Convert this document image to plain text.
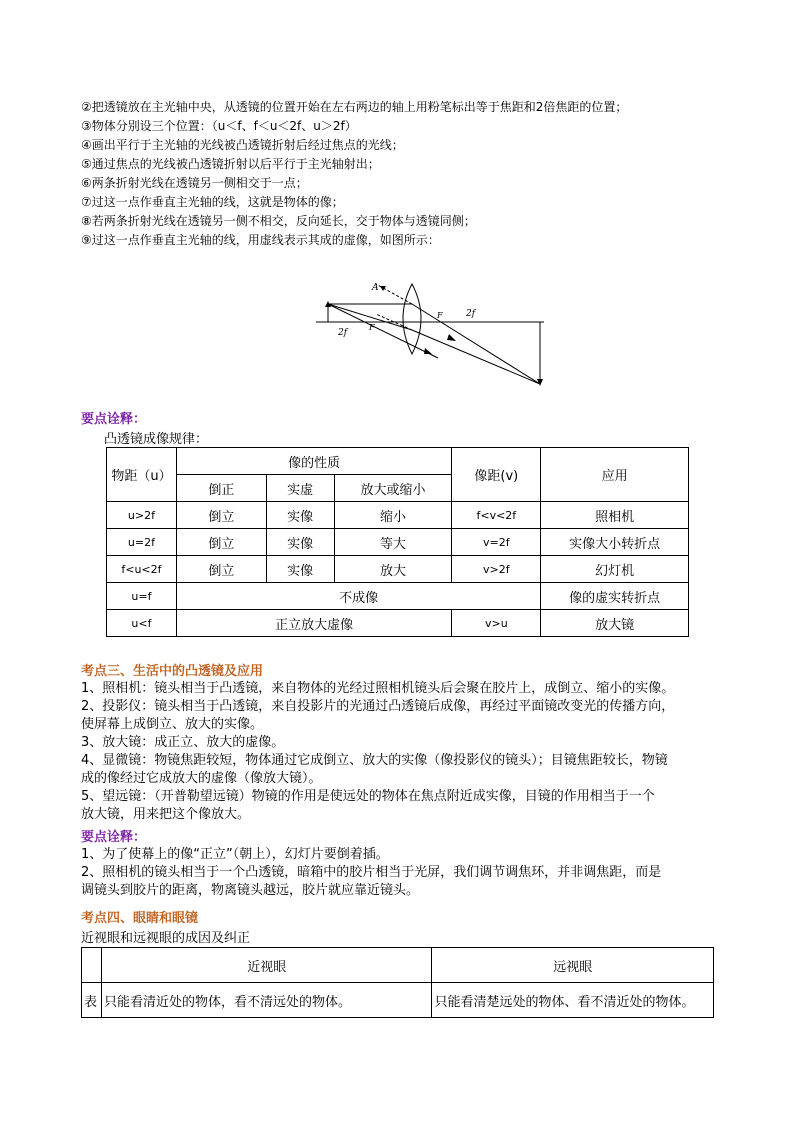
②把透镜放在主光轴中央，从透镜的位置开始在左右两边的轴上用粉笔标出等于焦距和2倍焦距的位置；
③物体分别设三个位置：（u＜f、f＜u＜2f、u＞2f）
④画出平行于主光轴的光线被凸透镜折射后经过焦点的光线；
⑤通过焦点的光线被凸透镜折射以后平行于主光轴射出；
⑥两条折射光线在透镜另一侧相交于一点；
⑦过这一点作垂直主光轴的线，这就是物体的像；
⑧若两条折射光线在透镜另一侧不相交，反向延长，交于物体与透镜同侧；
⑨过这一点作垂直主光轴的线，用虚线表示其成的虚像，如图所示：
A
2f
F
F	2f
要点诠释：
凸透镜成像规律：
物距（u）	像的性质			像距(v)	应用
	倒正	实虚	放大或缩小		
u>2f	倒立	实像	缩小	f<v<2f	照相机
u=2f	倒立	实像	等大	v=2f	实像大小转折点
f<u<2f	倒立	实像	放大	v>2f	幻灯机
u=f	不成像				像的虚实转折点
u<f	正立放大虚像			v>u	放大镜
考点三、生活中的凸透镜及应用
1、照相机：镜头相当于凸透镜，来自物体的光经过照相机镜头后会聚在胶片上，成倒立、缩小的实像。
2、投影仪：镜头相当于凸透镜，来自投影片的光通过凸透镜后成像，再经过平面镜改变光的传播方向，
使屏幕上成倒立、放大的实像。
3、放大镜：成正立、放大的虚像。
4、显微镜：物镜焦距较短，物体通过它成倒立、放大的实像（像投影仪的镜头）；目镜焦距较长，物镜
成的像经过它成放大的虚像（像放大镜）。
5、望远镜：（开普勒望远镜）物镜的作用是使远处的物体在焦点附近成实像，目镜的作用相当于一个
放大镜，用来把这个像放大。
要点诠释：
1、为了使幕上的像“正立”（朝上），幻灯片要倒着插。
2、照相机的镜头相当于一个凸透镜，暗箱中的胶片相当于光屏，我们调节调焦环，并非调焦距，而是
调镜头到胶片的距离，物离镜头越远，胶片就应靠近镜头。
考点四、眼睛和眼镜
近视眼和远视眼的成因及纠正
	近视眼	远视眼
表	只能看清近处的物体，看不清远处的物体。	只能看清楚远处的物体、看不清近处的物体。
